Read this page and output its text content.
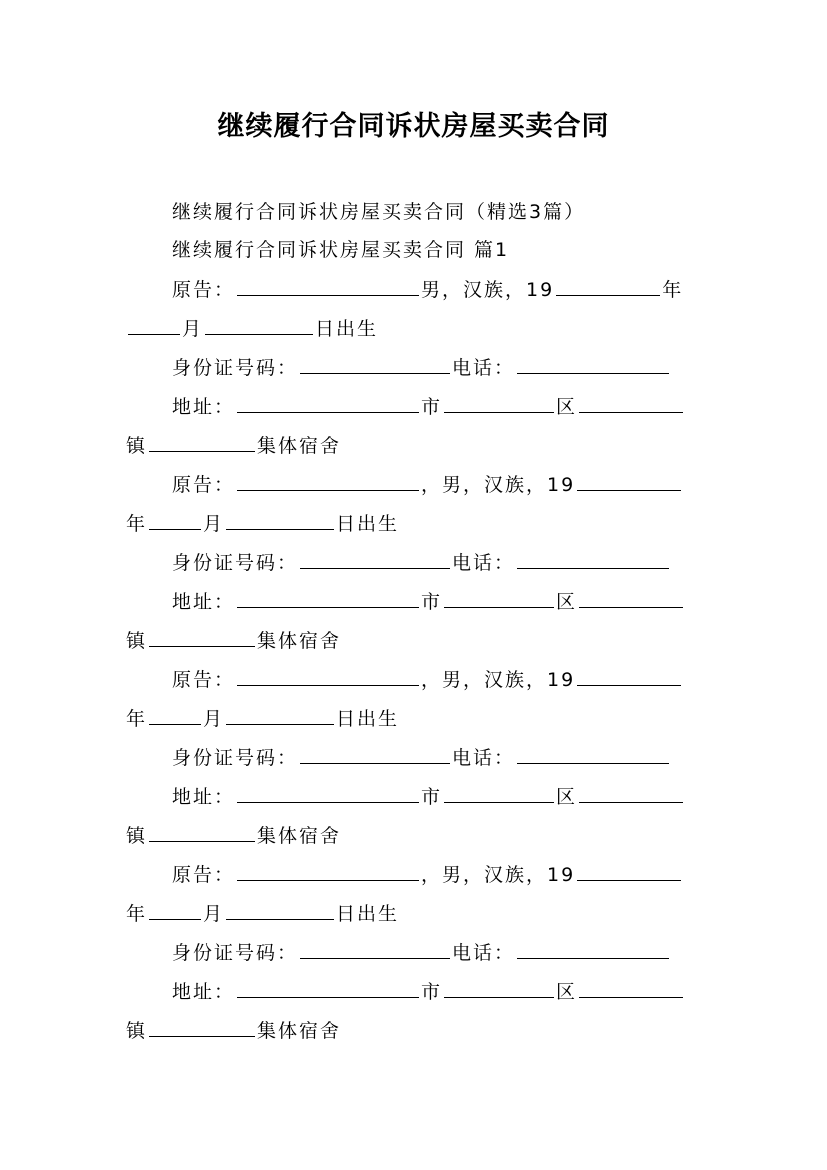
继续履行合同诉状房屋买卖合同
继续履行合同诉状房屋买卖合同（精选3篇）
继续履行合同诉状房屋买卖合同 篇1
原告：	男，汉族，19	年
月	日出生
身份证号码：	电话：
地址：	市	区
镇	集体宿舍
原告：	，男，汉族，19
年	月	日出生
身份证号码：	电话：
地址：	市	区
镇	集体宿舍
原告：	，男，汉族，19
年	月	日出生
身份证号码：	电话：
地址：	市	区
镇	集体宿舍
原告：	，男，汉族，19
年	月	日出生
身份证号码：	电话：
地址：	市	区
镇	集体宿舍
